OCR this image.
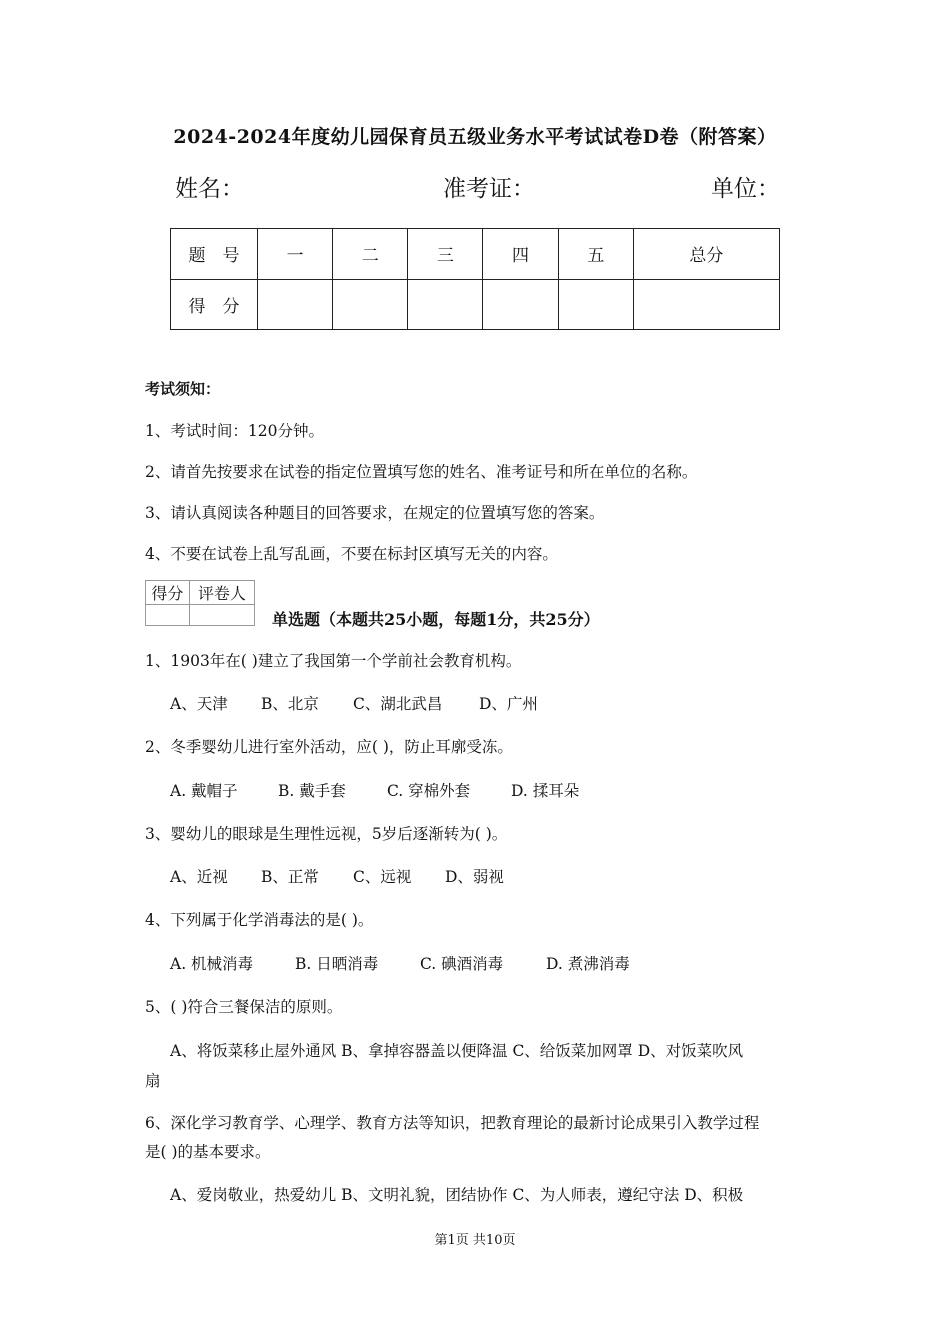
2024-2024年度幼儿园保育员五级业务水平考试试卷D卷（附答案）
姓名：	准考证：	单位：
题　号	一	二	三	四	五	总分
得　分						
考试须知：
1、考试时间：120分钟。
2、请首先按要求在试卷的指定位置填写您的姓名、准考证号和所在单位的名称。
3、请认真阅读各种题目的回答要求，在规定的位置填写您的答案。
4、不要在试卷上乱写乱画，不要在标封区填写无关的内容。
得分	评卷人

单选题（本题共25小题，每题1分，共25分）
1、1903年在( )建立了我国第一个学前社会教育机构。
A、天津 B、北京 C、湖北武昌 D、广州
2、冬季婴幼儿进行室外活动，应( )，防止耳廓受冻。
A. 戴帽子	B. 戴手套	C. 穿棉外套	D. 揉耳朵
3、婴幼儿的眼球是生理性远视，5岁后逐渐转为( )。
A、近视 B、正常 C、远视 D、弱视
4、下列属于化学消毒法的是( )。
A. 机械消毒	B. 日晒消毒	C. 碘酒消毒	D. 煮沸消毒
5、( )符合三餐保洁的原则。
A、将饭菜移止屋外通风 B、拿掉容器盖以便降温 C、给饭菜加网罩 D、对饭菜吹风
扇
6、深化学习教育学、心理学、教育方法等知识，把教育理论的最新讨论成果引入教学过程
是( )的基本要求。
A、爱岗敬业，热爱幼儿 B、文明礼貌，团结协作 C、为人师表，遵纪守法 D、积极
第1页 共10页
